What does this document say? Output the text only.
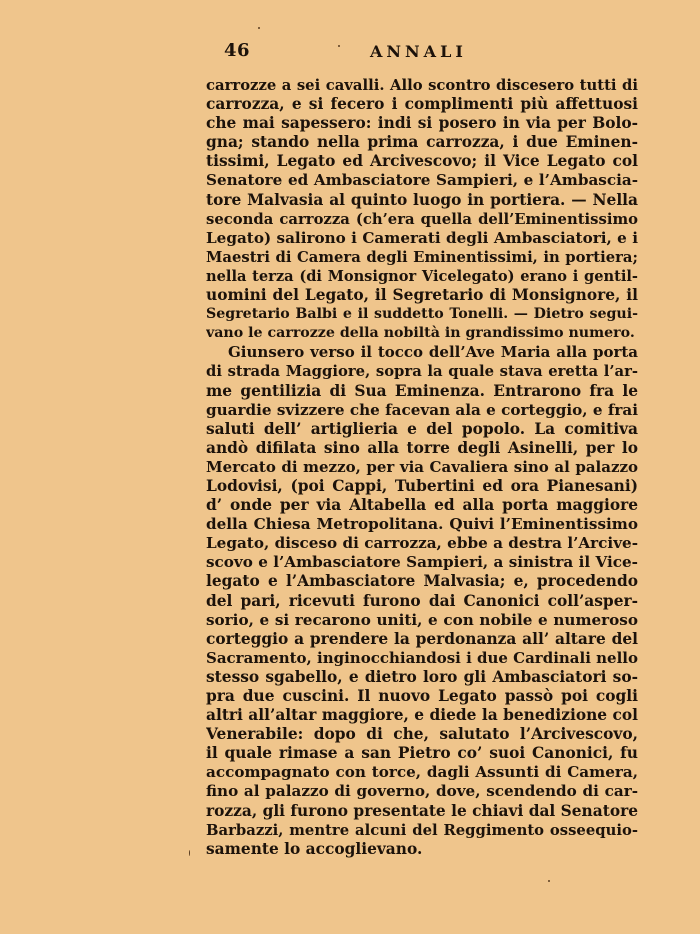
46	ANNALI
carrozze a sei cavalli. Allo scontro discesero tutti di
carrozza, e si fecero i complimenti più affettuosi
che mai sapessero: indi si posero in via per Bolo-
gna; stando nella prima carrozza, i due Eminen-
tissimi, Legato ed Arcivescovo; il Vice Legato col
Senatore ed Ambasciatore Sampieri, e l’Ambascia-
tore Malvasia al quinto luogo in portiera. — Nella
seconda carrozza (ch’era quella dell’Eminentissimo
Legato) salirono i Camerati degli Ambasciatori, e i
Maestri di Camera degli Eminentissimi, in portiera;
nella terza (di Monsignor Vicelegato) erano i gentil-
uomini del Legato, il Segretario di Monsignore, il
Segretario Balbi e il suddetto Tonelli. — Dietro segui-
vano le carrozze della nobiltà in grandissimo numero.
Giunsero verso il tocco dell’Ave Maria alla porta
di strada Maggiore, sopra la quale stava eretta l’ar-
me gentilizia di Sua Eminenza. Entrarono fra le
guardie svizzere che facevan ala e corteggio, e frai
saluti dell’ artiglieria e del popolo. La comitiva
andò difilata sino alla torre degli Asinelli, per lo
Mercato di mezzo, per via Cavaliera sino al palazzo
Lodovisi, (poi Cappi, Tubertini ed ora Pianesani)
d’ onde per via Altabella ed alla porta maggiore
della Chiesa Metropolitana. Quivi l’Eminentissimo
Legato, disceso di carrozza, ebbe a destra l’Arcive-
scovo e l’Ambasciatore Sampieri, a sinistra il Vice-
legato e l’Ambasciatore Malvasia; e, procedendo
del pari, ricevuti furono dai Canonici coll’asper-
sorio, e si recarono uniti, e con nobile e numeroso
corteggio a prendere la perdonanza all’ altare del
Sacramento, inginocchiandosi i due Cardinali nello
stesso sgabello, e dietro loro gli Ambasciatori so-
pra due cuscini. Il nuovo Legato passò poi cogli
altri all’altar maggiore, e diede la benedizione col
Venerabile: dopo di che, salutato l’Arcivescovo,
il quale rimase a san Pietro co’ suoi Canonici, fu
accompagnato con torce, dagli Assunti di Camera,
fino al palazzo di governo, dove, scendendo di car-
rozza, gli furono presentate le chiavi dal Senatore
Barbazzi, mentre alcuni del Reggimento osseequio-
samente lo accoglievano.
